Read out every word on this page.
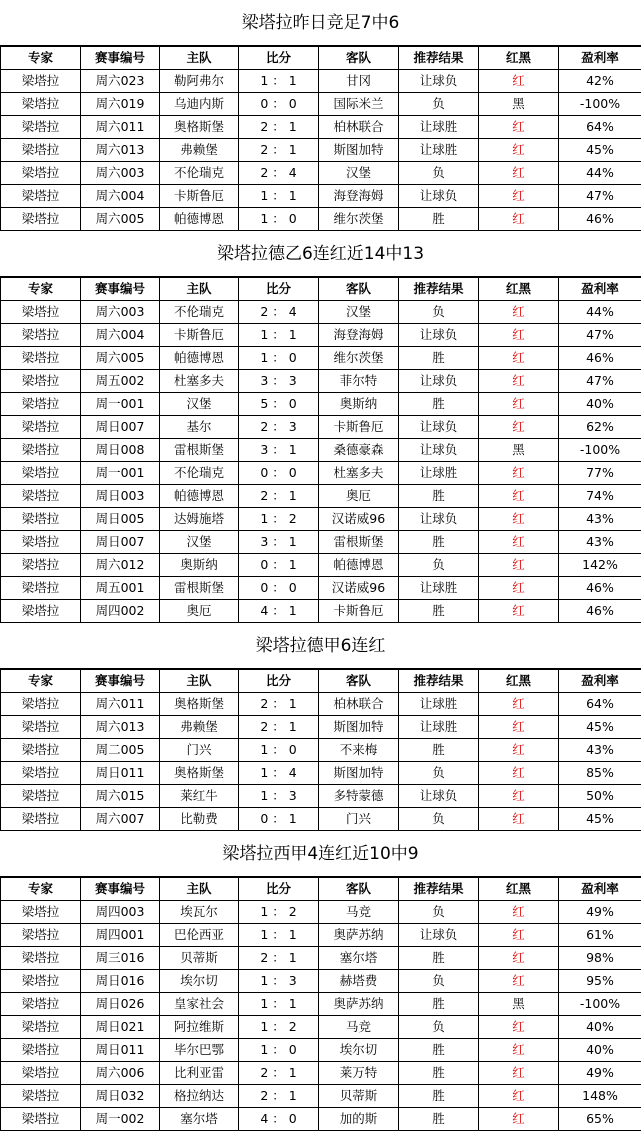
梁塔拉昨日竞足7中6
专家	赛事编号	主队	比分	客队	推荐结果	红黑	盈利率
梁塔拉	周六023	勒阿弗尔	1 ： 1	甘冈	让球负	红	42%
梁塔拉	周六019	乌迪内斯	0 ： 0	国际米兰	负	黑	-100%
梁塔拉	周六011	奥格斯堡	2 ： 1	柏林联合	让球胜	红	64%
梁塔拉	周六013	弗赖堡	2 ： 1	斯图加特	让球胜	红	45%
梁塔拉	周六003	不伦瑞克	2 ： 4	汉堡	负	红	44%
梁塔拉	周六004	卡斯鲁厄	1 ： 1	海登海姆	让球负	红	47%
梁塔拉	周六005	帕德博恩	1 ： 0	维尔茨堡	胜	红	46%
梁塔拉德乙6连红近14中13
专家	赛事编号	主队	比分	客队	推荐结果	红黑	盈利率
梁塔拉	周六003	不伦瑞克	2 ： 4	汉堡	负	红	44%
梁塔拉	周六004	卡斯鲁厄	1 ： 1	海登海姆	让球负	红	47%
梁塔拉	周六005	帕德博恩	1 ： 0	维尔茨堡	胜	红	46%
梁塔拉	周五002	杜塞多夫	3 ： 3	菲尔特	让球负	红	47%
梁塔拉	周一001	汉堡	5 ： 0	奥斯纳	胜	红	40%
梁塔拉	周日007	基尔	2 ： 3	卡斯鲁厄	让球负	红	62%
梁塔拉	周日008	雷根斯堡	3 ： 1	桑德豪森	让球负	黑	-100%
梁塔拉	周一001	不伦瑞克	0 ： 0	杜塞多夫	让球胜	红	77%
梁塔拉	周日003	帕德博恩	2 ： 1	奥厄	胜	红	74%
梁塔拉	周日005	达姆施塔	1 ： 2	汉诺威96	让球负	红	43%
梁塔拉	周日007	汉堡	3 ： 1	雷根斯堡	胜	红	43%
梁塔拉	周六012	奥斯纳	0 ： 1	帕德博恩	负	红	142%
梁塔拉	周五001	雷根斯堡	0 ： 0	汉诺威96	让球胜	红	46%
梁塔拉	周四002	奥厄	4 ： 1	卡斯鲁厄	胜	红	46%
梁塔拉德甲6连红
专家	赛事编号	主队	比分	客队	推荐结果	红黑	盈利率
梁塔拉	周六011	奥格斯堡	2 ： 1	柏林联合	让球胜	红	64%
梁塔拉	周六013	弗赖堡	2 ： 1	斯图加特	让球胜	红	45%
梁塔拉	周二005	门兴	1 ： 0	不来梅	胜	红	43%
梁塔拉	周日011	奥格斯堡	1 ： 4	斯图加特	负	红	85%
梁塔拉	周六015	莱红牛	1 ： 3	多特蒙德	让球负	红	50%
梁塔拉	周六007	比勒费	0 ： 1	门兴	负	红	45%
梁塔拉西甲4连红近10中9
专家	赛事编号	主队	比分	客队	推荐结果	红黑	盈利率
梁塔拉	周四003	埃瓦尔	1 ： 2	马竞	负	红	49%
梁塔拉	周四001	巴伦西亚	1 ： 1	奥萨苏纳	让球负	红	61%
梁塔拉	周三016	贝蒂斯	2 ： 1	塞尔塔	胜	红	98%
梁塔拉	周日016	埃尔切	1 ： 3	赫塔费	负	红	95%
梁塔拉	周日026	皇家社会	1 ： 1	奥萨苏纳	胜	黑	-100%
梁塔拉	周日021	阿拉维斯	1 ： 2	马竞	负	红	40%
梁塔拉	周日011	毕尔巴鄂	1 ： 0	埃尔切	胜	红	40%
梁塔拉	周六006	比利亚雷	2 ： 1	莱万特	胜	红	49%
梁塔拉	周日032	格拉纳达	2 ： 1	贝蒂斯	胜	红	148%
梁塔拉	周一002	塞尔塔	4 ： 0	加的斯	胜	红	65%
